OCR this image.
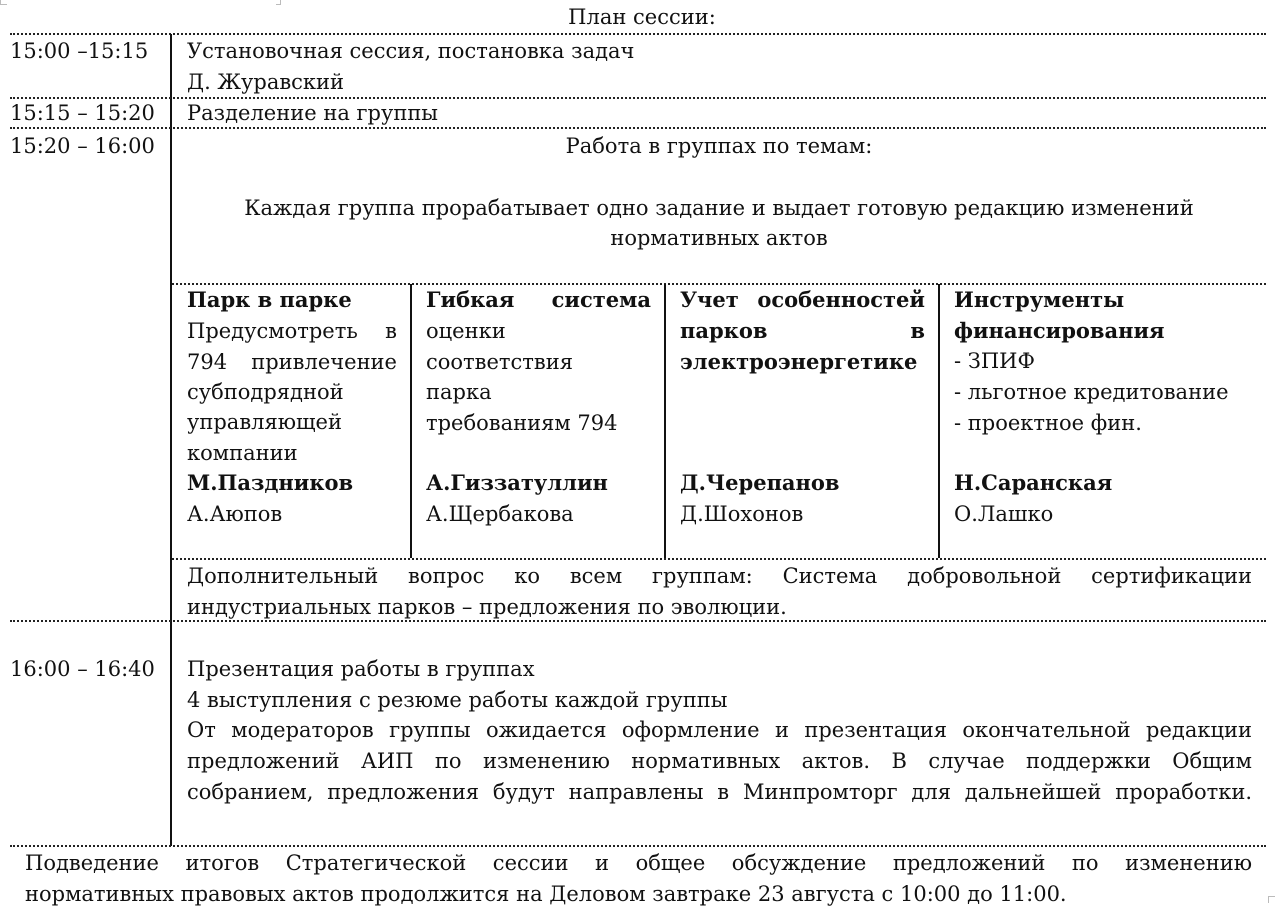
План сессии:
15:00 –15:15 Установочная сессия, постановка задач
Д. Журавский
15:15 – 15:20 Разделение на группы
15:20 – 16:00	Работа в группах по темам:
Каждая группа прорабатывает одно задание и выдает готовую редакцию изменений
нормативных актов
Парк в парке
Предусмотреть в
794 привлечение
субподрядной
управляющей
компании
М.Паздников
А.Аюпов
Гибкая система
оценки
соответствия
парка
требованиям 794
А.Гиззатуллин
А.Щербакова
Учет особенностей
парков в
электроэнергетике
Д.Черепанов
Д.Шохонов
Инструменты
финансирования
- ЗПИФ
- льготное кредитование
- проектное фин.
Н.Саранская
О.Лашко
Дополнительный вопрос ко всем группам: Система добровольной сертификации
индустриальных парков – предложения по эволюции.
16:00 – 16:40 Презентация работы в группах
4 выступления с резюме работы каждой группы
От модераторов группы ожидается оформление и презентация окончательной редакции
предложений АИП по изменению нормативных актов. В случае поддержки Общим
собранием, предложения будут направлены в Минпромторг для дальнейшей проработки.
Подведение итогов Стратегической сессии и общее обсуждение предложений по изменению
нормативных правовых актов продолжится на Деловом завтраке 23 августа с 10:00 до 11:00.
